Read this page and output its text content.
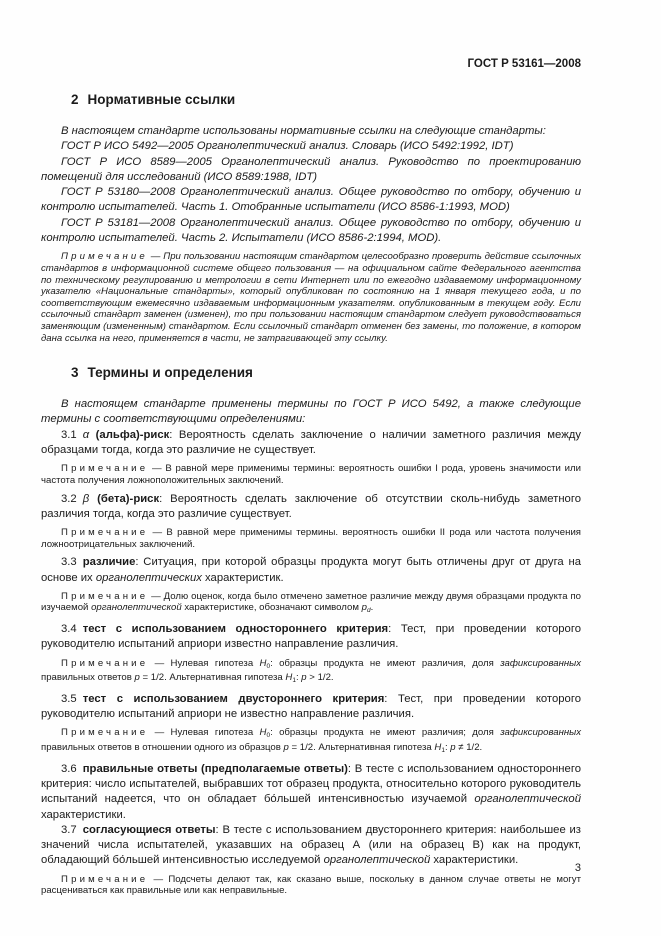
ГОСТ Р 53161—2008
2 Нормативные ссылки

В настоящем стандарте использованы нормативные ссылки на следующие стандарты:

ГОСТ Р ИСО 5492—2005 Органолептический анализ. Словарь (ИСО 5492:1992, IDT)

ГОСТ Р ИСО 8589—2005 Органолептический анализ. Руководство по проектированию помещений для исследований (ИСО 8589:1988, IDT)

ГОСТ Р 53180—2008 Органолептический анализ. Общее руководство по отбору, обучению и контролю испытателей. Часть 1. Отобранные испытатели (ИСО 8586-1:1993, MOD)

ГОСТ Р 53181—2008 Органолептический анализ. Общее руководство по отбору, обучению и контролю испытателей. Часть 2. Испытатели (ИСО 8586-2:1994, MOD).

Примечание — При пользовании настоящим стандартом целесообразно проверить действие ссылочных стандартов в информационной системе общего пользования — на официальном сайте Федерального агентства по техническому регулированию и метрологии в сети Интернет или по ежегодно издаваемому информационному указателю «Национальные стандарты», который опубликован по состоянию на 1 января текущего года, и по соответствующим ежемесячно издаваемым информационным указателям. опубликованным в текущем году. Если ссылочный стандарт заменен (изменен), то при пользовании настоящим стандартом следует руководствоваться заменяющим (измененным) стандартом. Если ссылочный стандарт отменен без замены, то положение, в котором дана ссылка на него, применяется в части, не затрагивающей эту ссылку.

3 Термины и определения

В настоящем стандарте применены термины по ГОСТ Р ИСО 5492, а также следующие термины с соответствующими определениями:

3.1 α (альфа)-риск: Вероятность сделать заключение о наличии заметного различия между образцами тогда, когда это различие не существует.

Примечание — В равной мере применимы термины: вероятность ошибки I рода, уровень значимости или частота получения ложноположительных заключений.

3.2 β (бета)-риск: Вероятность сделать заключение об отсутствии сколь-нибудь заметного различия тогда, когда это различие существует.

Примечание — В равной мере применимы термины. вероятность ошибки II рода или частота получения ложноотрицательных заключений.

3.3 различие: Ситуация, при которой образцы продукта могут быть отличены друг от друга на основе их органолептических характеристик.

Примечание — Долю оценок, когда было отмечено заметное различие между двумя образцами продукта по изучаемой органолептической характеристике, обозначают символом $p_d$.

3.4 тест с использованием одностороннего критерия: Тест, при проведении которого руководителю испытаний априори известно направление различия.

Примечание — Нулевая гипотеза $H_0$: образцы продукта не имеют различия, доля зафиксированных правильных ответов p = 1/2. Альтернативная гипотеза $H_1$: p > 1/2.

3.5 тест с использованием двустороннего критерия: Тест, при проведении которого руководителю испытаний априори не известно направление различия.

Примечание — Нулевая гипотеза $H_0$: образцы продукта не имеют различия; доля зафиксированных правильных ответов в отношении одного из образцов p = 1/2. Альтернативная гипотеза $H_1$: p ≠ 1/2.

3.6 правильные ответы (предполагаемые ответы): В тесте с использованием одностороннего критерия: число испытателей, выбравших тот образец продукта, относительно которого руководитель испытаний надеется, что он обладает бо́льшей интенсивностью изучаемой органолептической характеристики.

3.7 согласующиеся ответы: В тесте с использованием двустороннего критерия: наибольшее из значений числа испытателей, указавших на образец А (или на образец В) как на продукт, обладающий бо́льшей интенсивностью исследуемой органолептической характеристики.

Примечание — Подсчеты делают так, как сказано выше, поскольку в данном случае ответы не могут расцениваться как правильные или как неправильные.

3
